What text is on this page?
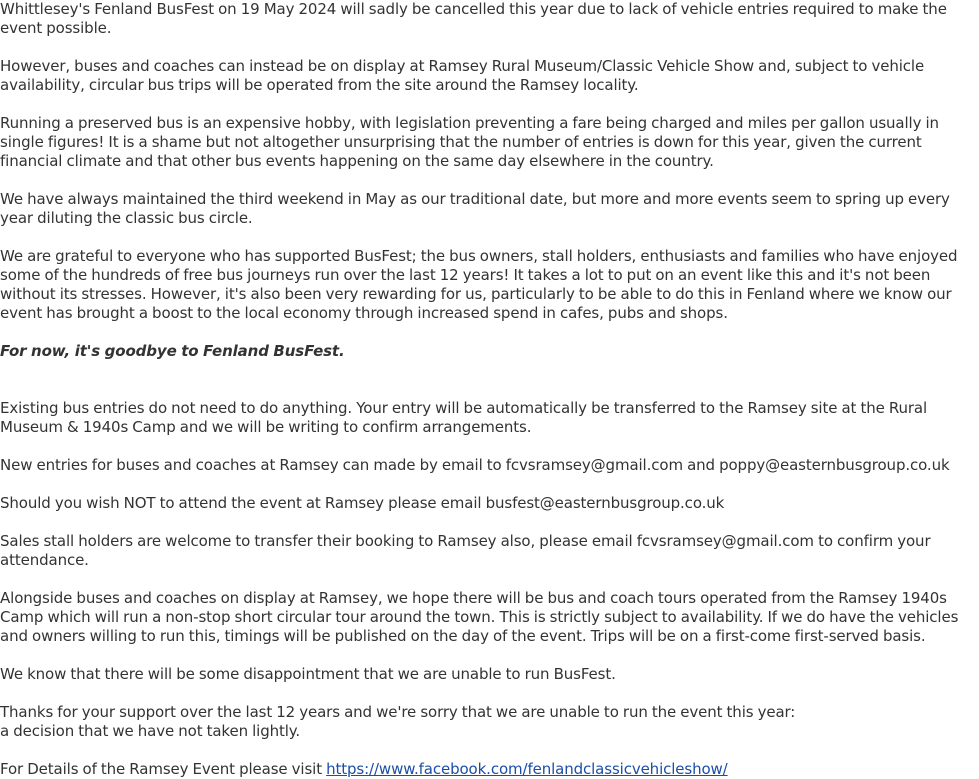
Whittlesey's Fenland BusFest on 19 May 2024 will sadly be cancelled this year due to lack of vehicle entries required to make the event possible.

However, buses and coaches can instead be on display at Ramsey Rural Museum/Classic Vehicle Show and, subject to vehicle availability, circular bus trips will be operated from the site around the Ramsey locality.

Running a preserved bus is an expensive hobby, with legislation preventing a fare being charged and miles per gallon usually in single figures! It is a shame but not altogether unsurprising that the number of entries is down for this year, given the current financial climate and that other bus events happening on the same day elsewhere in the country.

We have always maintained the third weekend in May as our traditional date, but more and more events seem to spring up every year diluting the classic bus circle.

We are grateful to everyone who has supported BusFest; the bus owners, stall holders, enthusiasts and families who have enjoyed some of the hundreds of free bus journeys run over the last 12 years! It takes a lot to put on an event like this and it's not been without its stresses. However, it's also been very rewarding for us, particularly to be able to do this in Fenland where we know our event has brought a boost to the local economy through increased spend in cafes, pubs and shops.

For now, it's goodbye to Fenland BusFest.

Existing bus entries do not need to do anything. Your entry will be automatically be transferred to the Ramsey site at the Rural Museum & 1940s Camp and we will be writing to confirm arrangements.

New entries for buses and coaches at Ramsey can made by email to fcvsramsey@gmail.com and poppy@easternbusgroup.co.uk

Should you wish NOT to attend the event at Ramsey please email busfest@easternbusgroup.co.uk

Sales stall holders are welcome to transfer their booking to Ramsey also, please email fcvsramsey@gmail.com to confirm your attendance.

Alongside buses and coaches on display at Ramsey, we hope there will be bus and coach tours operated from the Ramsey 1940s Camp which will run a non-stop short circular tour around the town. This is strictly subject to availability. If we do have the vehicles and owners willing to run this, timings will be published on the day of the event. Trips will be on a first-come first-served basis.

We know that there will be some disappointment that we are unable to run BusFest.

Thanks for your support over the last 12 years and we're sorry that we are unable to run the event this year:
a decision that we have not taken lightly.

For Details of the Ramsey Event please visit https://www.facebook.com/fenlandclassicvehicleshow/
